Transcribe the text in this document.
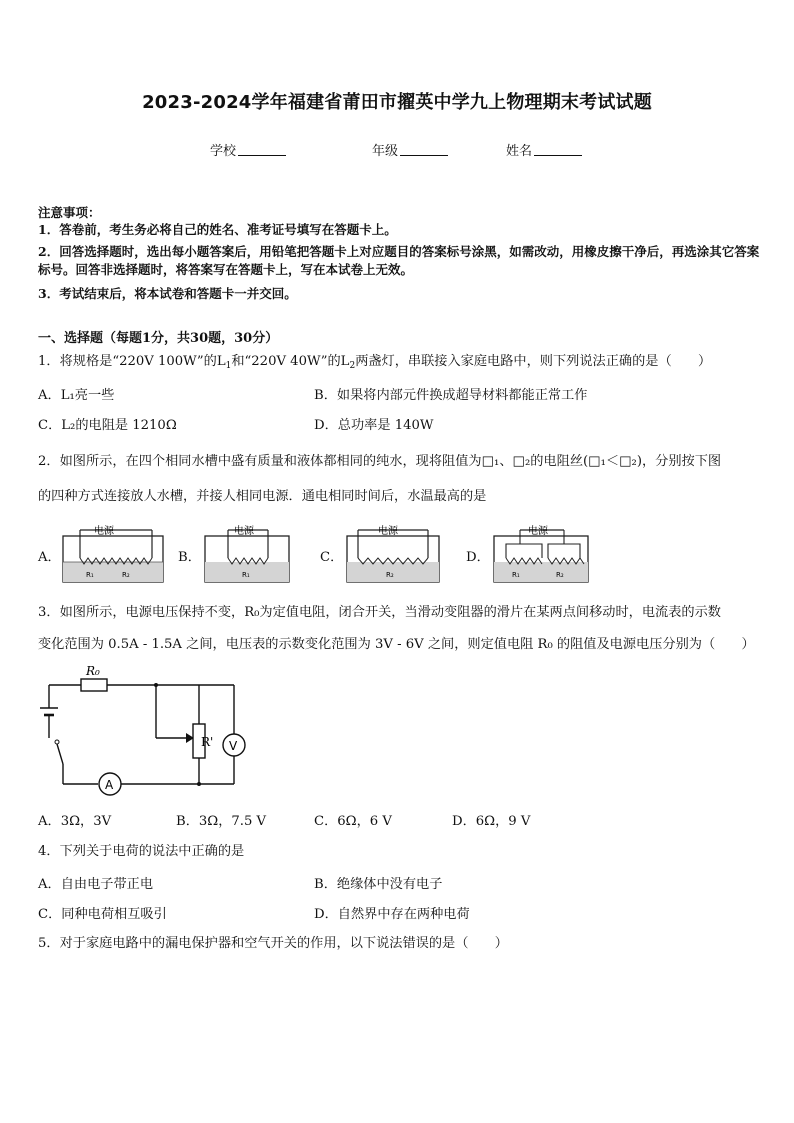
2023-2024学年福建省莆田市擢英中学九上物理期末考试试题
学校	年级	姓名
注意事项：
1．答卷前，考生务必将自己的姓名、准考证号填写在答题卡上。
2．回答选择题时，选出每小题答案后，用铅笔把答题卡上对应题目的答案标号涂黑，如需改动，用橡皮擦干净后，再选涂其它答案标号。回答非选择题时，将答案写在答题卡上，写在本试卷上无效。
3．考试结束后，将本试卷和答题卡一并交回。
一、选择题（每题1分，共30题，30分）
1．将规格是“220V 100W”的$L_1$和“220V 40W”的$L_2$两盏灯，串联接入家庭电路中，则下列说法正确的是（　　）
A．L₁亮一些	B．如果将内部元件换成超导材料都能正常工作
C．L₂的电阻是 1210Ω	D．总功率是 140W
2．如图所示，在四个相同水槽中盛有质量和液体都相同的纯水，现将阻值为□₁、□₂的电阻丝(□₁＜□₂)，分别按下图
的四种方式连接放人水槽，并接人相同电源．通电相同时间后，水温最高的是
A．	B．	C．	D．
电源
R₁	R₂
电源
R₁
电源
R₂
电源
R₁	R₂
3．如图所示，电源电压保持不变，R₀为定值电阻，闭合开关，当滑动变阻器的滑片在某两点间移动时，电流表的示数
变化范围为 0.5A - 1.5A 之间，电压表的示数变化范围为 3V - 6V 之间，则定值电阻 R₀ 的阻值及电源电压分别为（　　）
R₀
A
R' V
A．3Ω，3V	B．3Ω，7.5 V	C．6Ω，6 V	D．6Ω，9 V
4．下列关于电荷的说法中正确的是
A．自由电子带正电	B．绝缘体中没有电子
C．同种电荷相互吸引	D．自然界中存在两种电荷
5．对于家庭电路中的漏电保护器和空气开关的作用，以下说法错误的是（　　）
